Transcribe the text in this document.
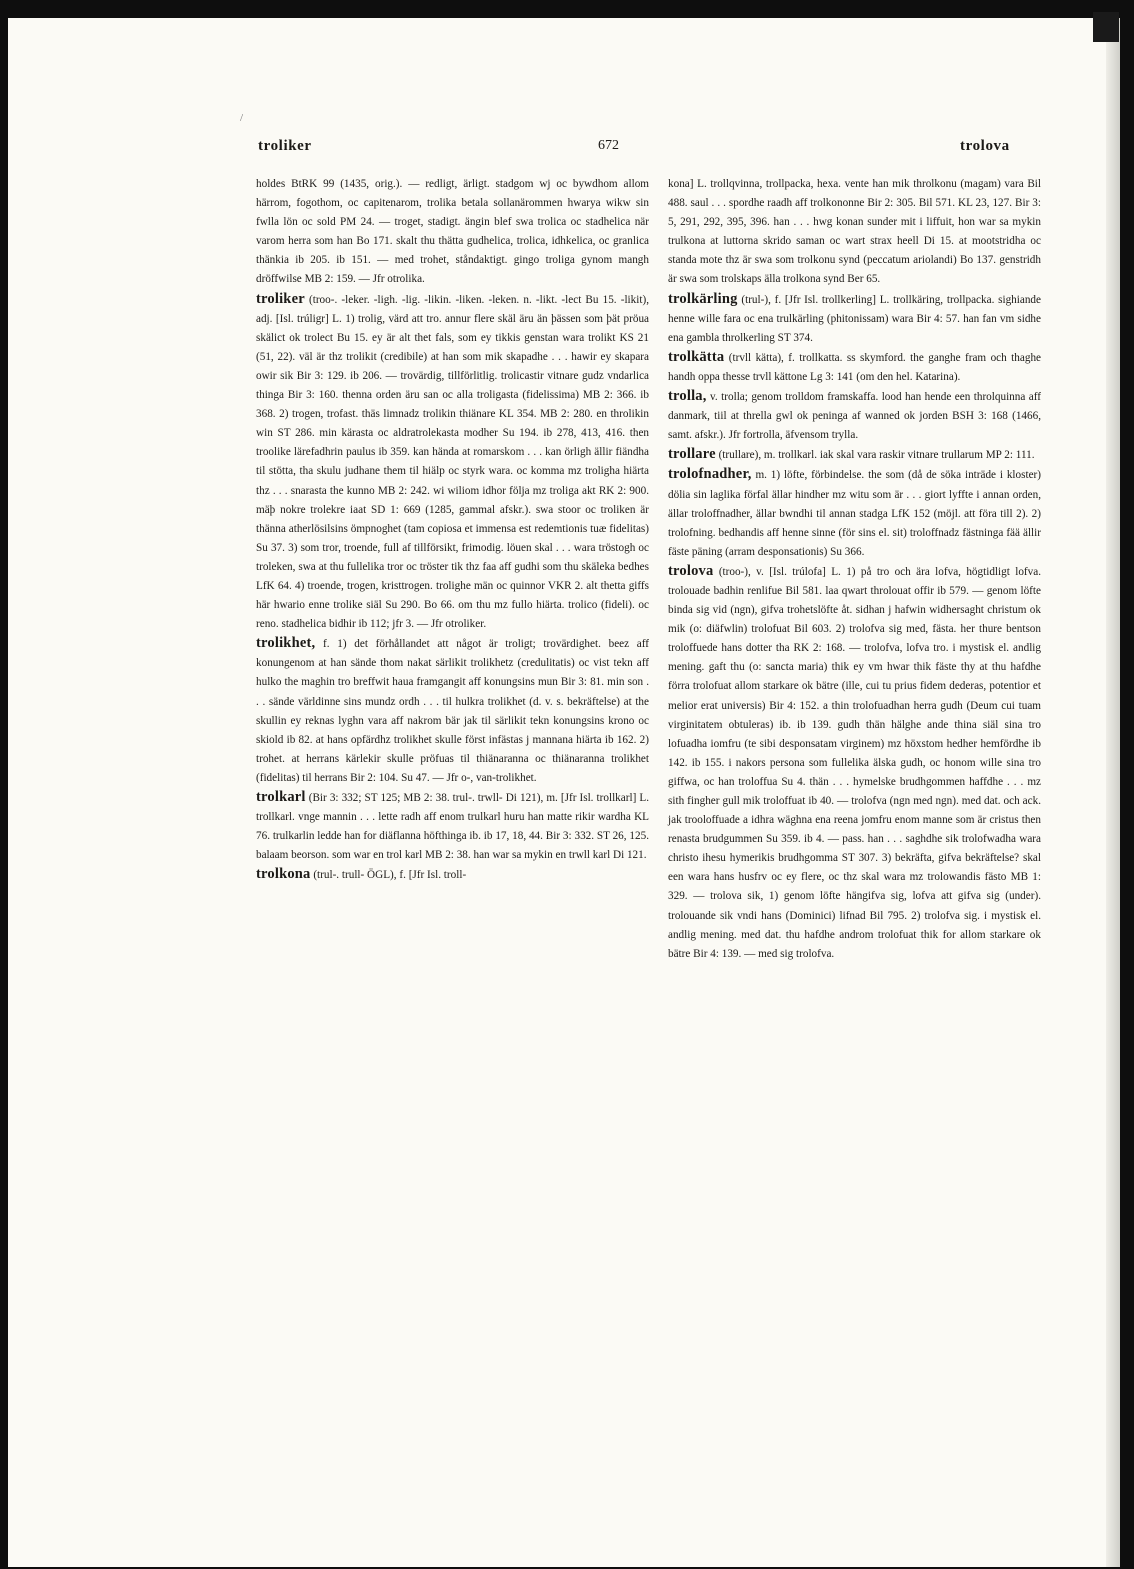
/
troliker	672	trolova

holdes BtRK 99 (1435, orig.). — redligt, ärligt. stadgom wj oc bywdhom allom härrom, fogothom, oc capitenarom, trolika betala sollanärommen hwarya wikw sin fwlla lön oc sold PM 24. — troget, stadigt. ängin blef swa trolica oc stadhelica när varom herra som han Bo 171. skalt thu thätta gudhelica, trolica, idhkelica, oc granlica thänkia ib 205. ib 151. — med trohet, ståndaktigt. gingo troliga gynom mangh dröffwilse MB 2: 159. — Jfr otrolika.

troliker (troo-. -leker. -ligh. -lig. -likin. -liken. -leken. n. -likt. -lect Bu 15. -likit), adj. [Isl. trúligr] L. 1) trolig, värd att tro. annur flere skäl äru än þässen som þät pröua skälict ok trolect Bu 15. ey är alt thet fals, som ey tikkis genstan wara trolikt KS 21 (51, 22). väl är thz trolikit (credibile) at han som mik skapadhe . . . hawir ey skapara owir sik Bir 3: 129. ib 206. — trovärdig, tillförlitlig. trolicastir vitnare gudz vndarlica thinga Bir 3: 160. thenna orden äru san oc alla troligasta (fidelissima) MB 2: 366. ib 368. 2) trogen, trofast. thäs limnadz trolikin thiänare KL 354. MB 2: 280. en throlikin win ST 286. min kärasta oc aldratrolekasta modher Su 194. ib 278, 413, 416. then troolike lärefadhrin paulus ib 359. kan hända at romarskom . . . kan örligh ällir fiändha til stötta, tha skulu judhane them til hiälp oc styrk wara. oc komma mz trolighа hiärta thz . . . snarasta the kunno MB 2: 242. wi wiliom idhor följa mz troliga akt RK 2: 900. mäþ nokre trolekre iaat SD 1: 669 (1285, gammal afskr.). swa stoor oc troliken är thänna atherlösilsins ömpnoghet (tam copiosa et immensa est redemtionis tuæ fidelitas) Su 37. 3) som tror, troende, full af tillförsikt, frimodig. löuen skal . . . wara tröstogh oc troleken, swa at thu fullelika tror oc tröster tik thz faa aff gudhi som thu skäleka bedhes LfK 64. 4) troende, trogen, kristtrogen. trolighe män oc quinnor VKR 2. alt thetta giffs här hwario enne trolike siäl Su 290. Bo 66. om thu mz fullo hiärta. trolico (fideli). oc reno. stadhelica bidhir ib 112; jfr 3. — Jfr otroliker.

trolikhet, f. 1) det förhållandet att något är troligt; trovärdighet. beez aff konungenom at han sände thom nakat särlikit trolikhetz (credulitatis) oc vist tekn aff hulko the maghin tro breffwit haua framgangit aff konungsins mun Bir 3: 81. min son . . . sände världinne sins mundz ordh . . . til hulkra trolikhet (d. v. s. bekräftelse) at the skullin ey reknas lyghn vara aff nakrom bär jak til särlikit tekn konungsins krono oc skiold ib 82. at hans opfärdhz trolikhet skulle först infästas j mannana hiärta ib 162. 2) trohet. at herrans kärlekir skulle pröfuas til thiänaranna oc thiänaranna trolikhet (fidelitas) til herrans Bir 2: 104. Su 47. — Jfr o-, van-trolikhet.

trolkarl (Bir 3: 332; ST 125; MB 2: 38. trul-. trwll- Di 121), m. [Jfr Isl. trollkarl] L. trollkarl. vnge mannin . . . lette radh aff enom trulkarl huru han matte rikir wardha KL 76. trulkarlin ledde han for diäflanna höfthinga ib. ib 17, 18, 44. Bir 3: 332. ST 26, 125. balaam beorson. som war en trol karl MB 2: 38. han war sa mykin en trwll karl Di 121.

trolkona (trul-. trull- ÖGL), f. [Jfr Isl. troll-

kona] L. trollqvinna, trollpacka, hexa. vente han mik throlkonu (magam) vara Bil 488. saul . . . spordhe raadh aff trolkononne Bir 2: 305. Bil 571. KL 23, 127. Bir 3: 5, 291, 292, 395, 396. han . . . hwg konan sunder mit i liffuit, hon war sa mykin trulkona at luttorna skrido saman oc wart strax heell Di 15. at mootstridha oc standa mote thz är swa som trolkonu synd (peccatum ariolandi) Bo 137. genstridh är swa som trolskaps älla trolkona synd Ber 65.

trolkärling (trul-), f. [Jfr Isl. trollkerling] L. trollkäring, trollpacka. sighiande henne wille fara oc ena trulkärling (phitonissam) wara Bir 4: 57. han fan vm sidhe ena gambla throlkerling ST 374.

trolkätta (trvll kätta), f. trollkatta. ss skymford. the ganghe fram och thaghe handh oppa thesse trvll kättone Lg 3: 141 (om den hel. Katarina).

trolla, v. trolla; genom trolldom framskaffa. lood han hende een throlquinna aff danmark, tiil at thrella gwl ok peninga af wanned ok jorden BSH 3: 168 (1466, samt. afskr.). Jfr fortrolla, äfvensom trylla.

trollare (trullare), m. trollkarl. iak skal vara raskir vitnare trullarum MP 2: 111.

trolofnadher, m. 1) löfte, förbindelse. the som (då de söka inträde i kloster) dölia sin laglika förfal ällar hindher mz witu som är . . . giort lyffte i annan orden, ällar troloffnadher, ällar bwndhi til annan stadga LfK 152 (möjl. att föra till 2). 2) trolofning. bedhandis aff henne sinne (för sins el. sit) troloffnadz fästninga fää ällir fäste päning (arram desponsationis) Su 366.

trolova (troo-), v. [Isl. trúlofa] L. 1) på tro och ära lofva, högtidligt lofva. trolouade badhin renlifue Bil 581. laa qwart throlouat offir ib 579. — genom löfte binda sig vid (ngn), gifva trohetslöfte åt. sidhan j hafwin widhersaght christum ok mik (o: diäfwlin) trolofuat Bil 603. 2) trolofva sig med, fästa. her thure bentson troloffuede hans dotter tha RK 2: 168. — trolofva, lofva tro. i mystisk el. andlig mening. gaft thu (o: sancta maria) thik ey vm hwar thik fäste thy at thu hafdhe förra trolofuat allom starkare ok bätre (ille, cui tu prius fidem dederas, potentior et melior erat universis) Bir 4: 152. a thin trolofuadhan herra gudh (Deum cui tuam virginitatem obtuleras) ib. ib 139. gudh thän hälghe ande thina siäl sina tro lofuadha iomfru (te sibi desponsatam virginem) mz höxstom hedher hemfördhe ib 142. ib 155. i nakors persona som fullelika älska gudh, oc honom wille sina tro giffwa, oc han troloffua Su 4. thän . . . hymelske brudhgommen haffdhe . . . mz sith fingher gull mik troloffuat ib 40. — trolofva (ngn med ngn). med dat. och ack. jak trooloffuade a idhra wäghna ena reena jomfru enom manne som är cristus then renasta brudgummen Su 359. ib 4. — pass. han . . . saghdhe sik trolofwadha wara christo ihesu hymerikis brudhgomma ST 307. 3) bekräfta, gifva bekräftelse? skal een wara hans husfrv oc ey flere, oc thz skal wara mz trolowandis fästo MB 1: 329. — trolova sik, 1) genom löfte hängifva sig, lofva att gifva sig (under). trolouande sik vndi hans (Dominici) lifnad Bil 795. 2) trolofva sig. i mystisk el. andlig mening. med dat. thu hafdhe androm trolofuat thik for allom starkare ok bätre Bir 4: 139. — med sig trolofva.
